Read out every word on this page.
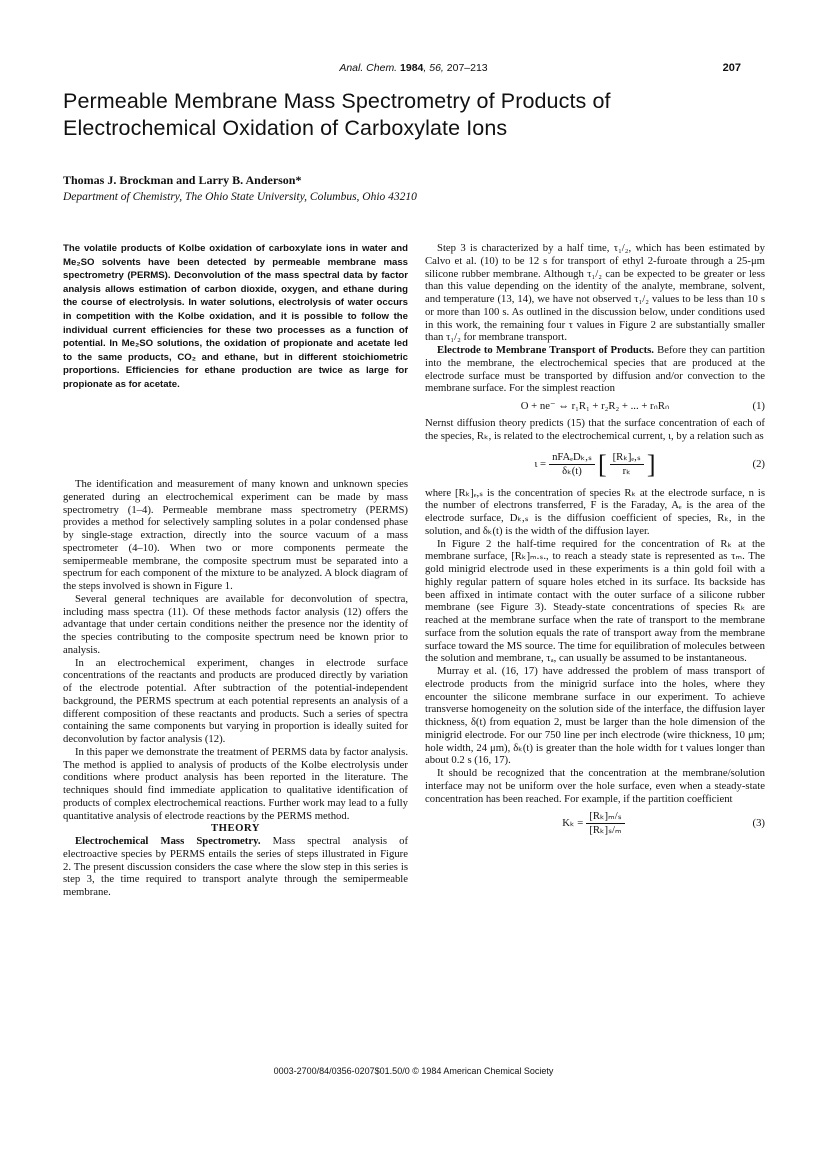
Anal. Chem. 1984, 56, 207–213	207
Permeable Membrane Mass Spectrometry of Products of
Electrochemical Oxidation of Carboxylate Ions
Thomas J. Brockman and Larry B. Anderson*
Department of Chemistry, The Ohio State University, Columbus, Ohio 43210
The volatile products of Kolbe oxidation of carboxylate ions in water and Me₂SO solvents have been detected by permeable membrane mass spectrometry (PERMS). Deconvolution of the mass spectral data by factor analysis allows estimation of carbon dioxide, oxygen, and ethane during the course of electrolysis. In water solutions, electrolysis of water occurs in competition with the Kolbe oxidation, and it is possible to follow the individual current efficiencies for these two processes as a function of potential. In Me₂SO solutions, the oxidation of propionate and acetate led to the same products, CO₂ and ethane, but in different stoichiometric proportions. Efficiencies for ethane production are twice as large for propionate as for acetate.

The identification and measurement of many known and unknown species generated during an electrochemical experiment can be made by mass spectrometry (1–4). Permeable membrane mass spectrometry (PERMS) provides a method for selectively sampling solutes in a polar condensed phase by single-stage extraction, directly into the source vacuum of a mass spectrometer (4–10). When two or more components permeate the semipermeable membrane, the composite spectrum must be separated into a spectrum for each component of the mixture to be analyzed. A block diagram of the steps involved is shown in Figure 1.

Several general techniques are available for deconvolution of spectra, including mass spectra (11). Of these methods factor analysis (12) offers the advantage that under certain conditions neither the presence nor the identity of the species contributing to the composite spectrum need be known prior to analysis.

In an electrochemical experiment, changes in electrode surface concentrations of the reactants and products are produced directly by variation of the electrode potential. After subtraction of the potential-independent background, the PERMS spectrum at each potential represents an analysis of a different composition of these reactants and products. Such a series of spectra containing the same components but varying in proportion is ideally suited for deconvolution by factor analysis (12).

In this paper we demonstrate the treatment of PERMS data by factor analysis. The method is applied to analysis of products of the Kolbe electrolysis under conditions where product analysis has been reported in the literature. The techniques should find immediate application to qualitative identification of products of complex electrochemical reactions. Further work may lead to a fully quantitative analysis of electrode reactions by the PERMS method.

THEORY

Electrochemical Mass Spectrometry. Mass spectral analysis of electroactive species by PERMS entails the series of steps illustrated in Figure 2. The present discussion considers the case where the slow step in this series is step 3, the time required to transport analyte through the semipermeable membrane.

Step 3 is characterized by a half time, τ₁/₂, which has been estimated by Calvo et al. (10) to be 12 s for transport of ethyl 2-furoate through a 25-μm silicone rubber membrane. Although τ₁/₂ can be expected to be greater or less than this value depending on the identity of the analyte, membrane, solvent, and temperature (13, 14), we have not observed τ₁/₂ values to be less than 10 s or more than 100 s. As outlined in the discussion below, under conditions used in this work, the remaining four τ values in Figure 2 are substantially smaller than τ₁/₂ for membrane transport.

Electrode to Membrane Transport of Products. Before they can partition into the membrane, the electrochemical species that are produced at the electrode surface must be transported by diffusion and/or convection to the membrane surface. For the simplest reaction

O + ne⁻ ⇔ r₁R₁ + r₂R₂ + ... + rₙRₙ	(1)

Nernst diffusion theory predicts (15) that the surface concentration of each of the species, Rₖ, is related to the electrochemical current, ι, by a relation such as

$\iota = \frac{\text{nFAₑDₖ,ₛ}}{\text{δₖ(t)}}$ [ $\frac{\text{[Rₖ]ₑ,ₛ}}{\text{rₖ}}$ ]	(2)

where [Rₖ]ₑ,ₛ is the concentration of species Rₖ at the electrode surface, n is the number of electrons transferred, F is the Faraday, Aₑ is the area of the electrode surface, Dₖ,ₛ is the diffusion coefficient of species, Rₖ, in the solution, and δₖ(t) is the width of the diffusion layer.

In Figure 2 the half-time required for the concentration of Rₖ at the membrane surface, [Rₖ]ₘ.ₛ., to reach a steady state is represented as τₘ. The gold minigrid electrode used in these experiments is a thin gold foil with a highly regular pattern of square holes etched in its surface. Its backside has been affixed in intimate contact with the outer surface of a silicone rubber membrane (see Figure 3). Steady-state concentrations of species Rₖ are reached at the membrane surface when the rate of transport to the membrane surface from the solution equals the rate of transport away from the membrane surface toward the MS source. The time for equilibration of molecules between the solution and membrane, τₐ, can usually be assumed to be instantaneous.

Murray et al. (16, 17) have addressed the problem of mass transport of electrode products from the minigrid surface into the holes, where they encounter the silicone membrane surface in our experiment. To achieve transverse homogeneity on the solution side of the interface, the diffusion layer thickness, δ(t) from equation 2, must be larger than the hole dimension of the minigrid electrode. For our 750 line per inch electrode (wire thickness, 10 μm; hole width, 24 μm), δₖ(t) is greater than the hole width for t values longer than about 0.2 s (16, 17).

It should be recognized that the concentration at the membrane/solution interface may not be uniform over the hole surface, even when a steady-state concentration has been reached. For example, if the partition coefficient

$K_k = \frac{\text{[Rₖ]ₘ/ₛ}}{\text{[Rₖ]ₛ/ₘ}}$	(3)
0003-2700/84/0356-0207$01.50/0 © 1984 American Chemical Society
